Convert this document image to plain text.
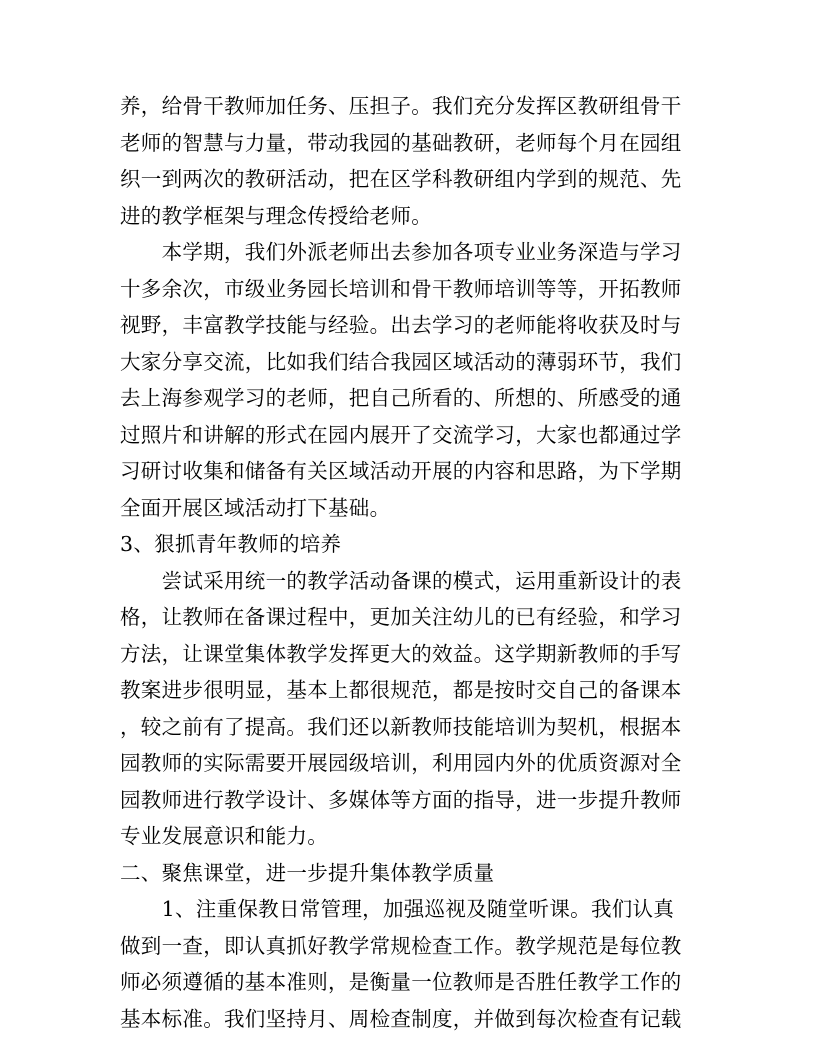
养，给骨干教师加任务、压担子。我们充分发挥区教研组骨干
老师的智慧与力量，带动我园的基础教研，老师每个月在园组
织一到两次的教研活动，把在区学科教研组内学到的规范、先
进的教学框架与理念传授给老师。
　　本学期，我们外派老师出去参加各项专业业务深造与学习
十多余次，市级业务园长培训和骨干教师培训等等，开拓教师
视野，丰富教学技能与经验。出去学习的老师能将收获及时与
大家分享交流，比如我们结合我园区域活动的薄弱环节，我们
去上海参观学习的老师，把自己所看的、所想的、所感受的通
过照片和讲解的形式在园内展开了交流学习，大家也都通过学
习研讨收集和储备有关区域活动开展的内容和思路，为下学期
全面开展区域活动打下基础。
3、狠抓青年教师的培养
　　尝试采用统一的教学活动备课的模式，运用重新设计的表
格，让教师在备课过程中，更加关注幼儿的已有经验，和学习
方法，让课堂集体教学发挥更大的效益。这学期新教师的手写
教案进步很明显，基本上都很规范，都是按时交自己的备课本
，较之前有了提高。我们还以新教师技能培训为契机，根据本
园教师的实际需要开展园级培训，利用园内外的优质资源对全
园教师进行教学设计、多媒体等方面的指导，进一步提升教师
专业发展意识和能力。
二、聚焦课堂，进一步提升集体教学质量
　　1、注重保教日常管理，加强巡视及随堂听课。我们认真
做到一查，即认真抓好教学常规检查工作。教学规范是每位教
师必须遵循的基本准则，是衡量一位教师是否胜任教学工作的
基本标准。我们坚持月、周检查制度，并做到每次检查有记载
